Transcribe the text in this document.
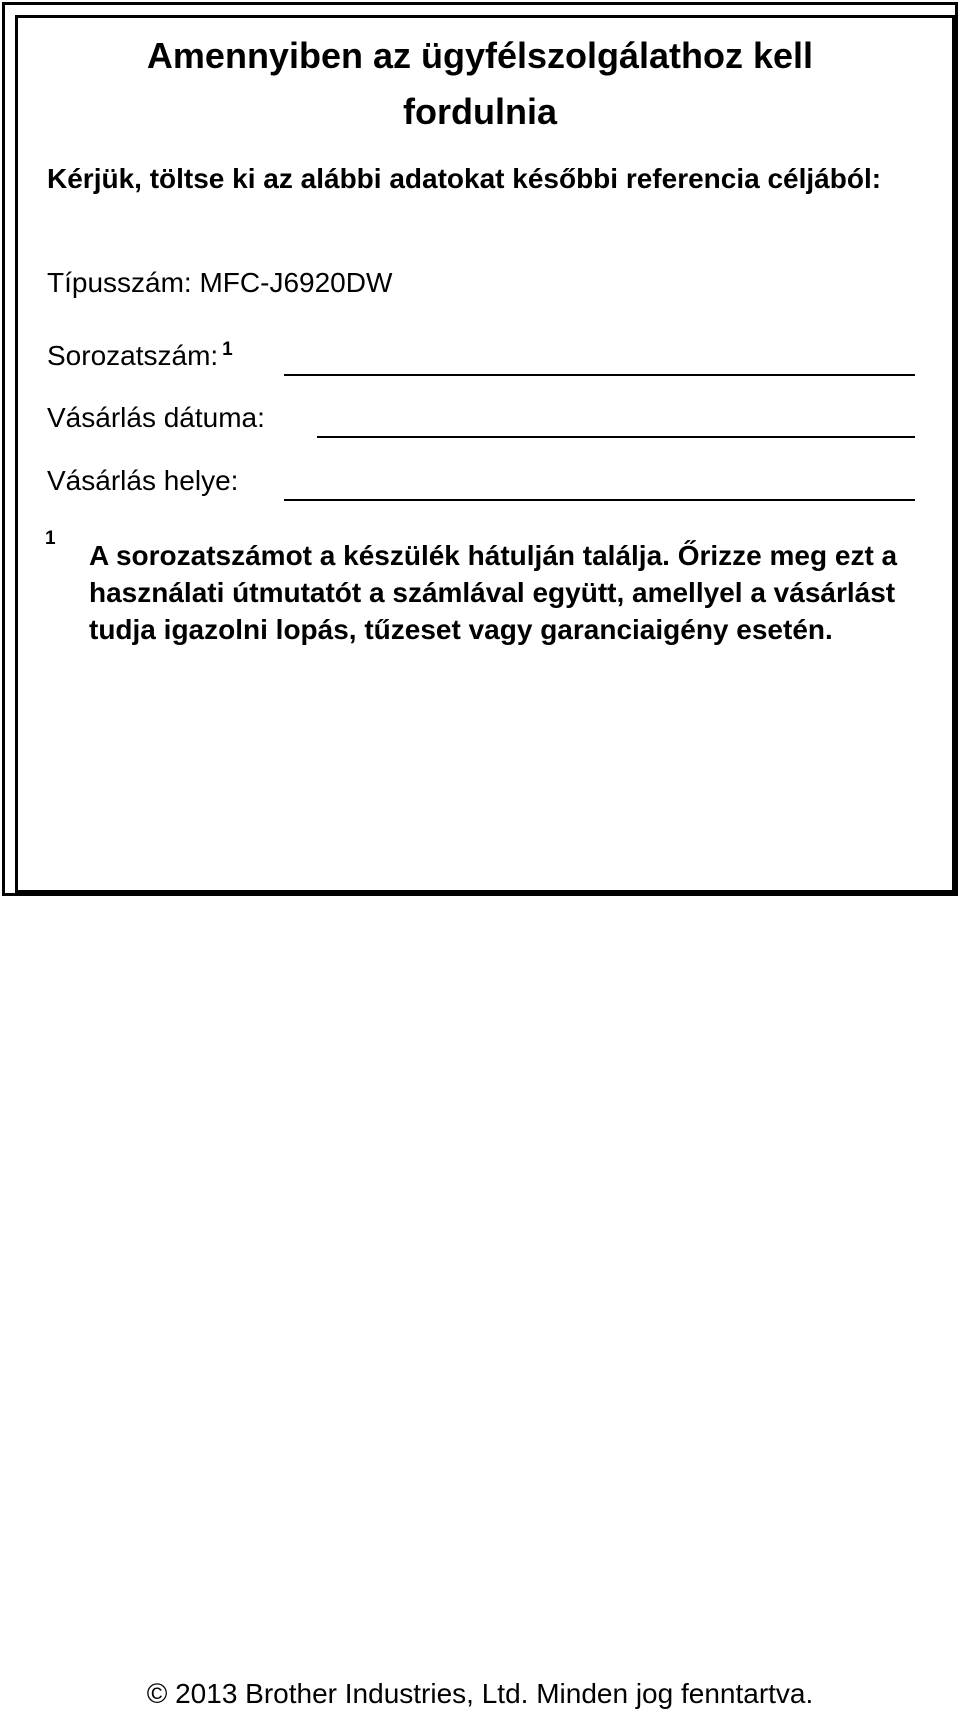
Amennyiben az ügyfélszolgálathoz kell
fordulnia

Kérjük, töltse ki az alábbi adatokat későbbi referencia céljából:

Típusszám: MFC-J6920DW

Sorozatszám: $^1$

Vásárlás dátuma:

Vásárlás helye:

1

A sorozatszámot a készülék hátulján találja. Őrizze meg ezt a használati útmutatót a számlával együtt, amellyel a vásárlást tudja igazolni lopás, tűzeset vagy garanciaigény esetén.

© 2013 Brother Industries, Ltd. Minden jog fenntartva.
